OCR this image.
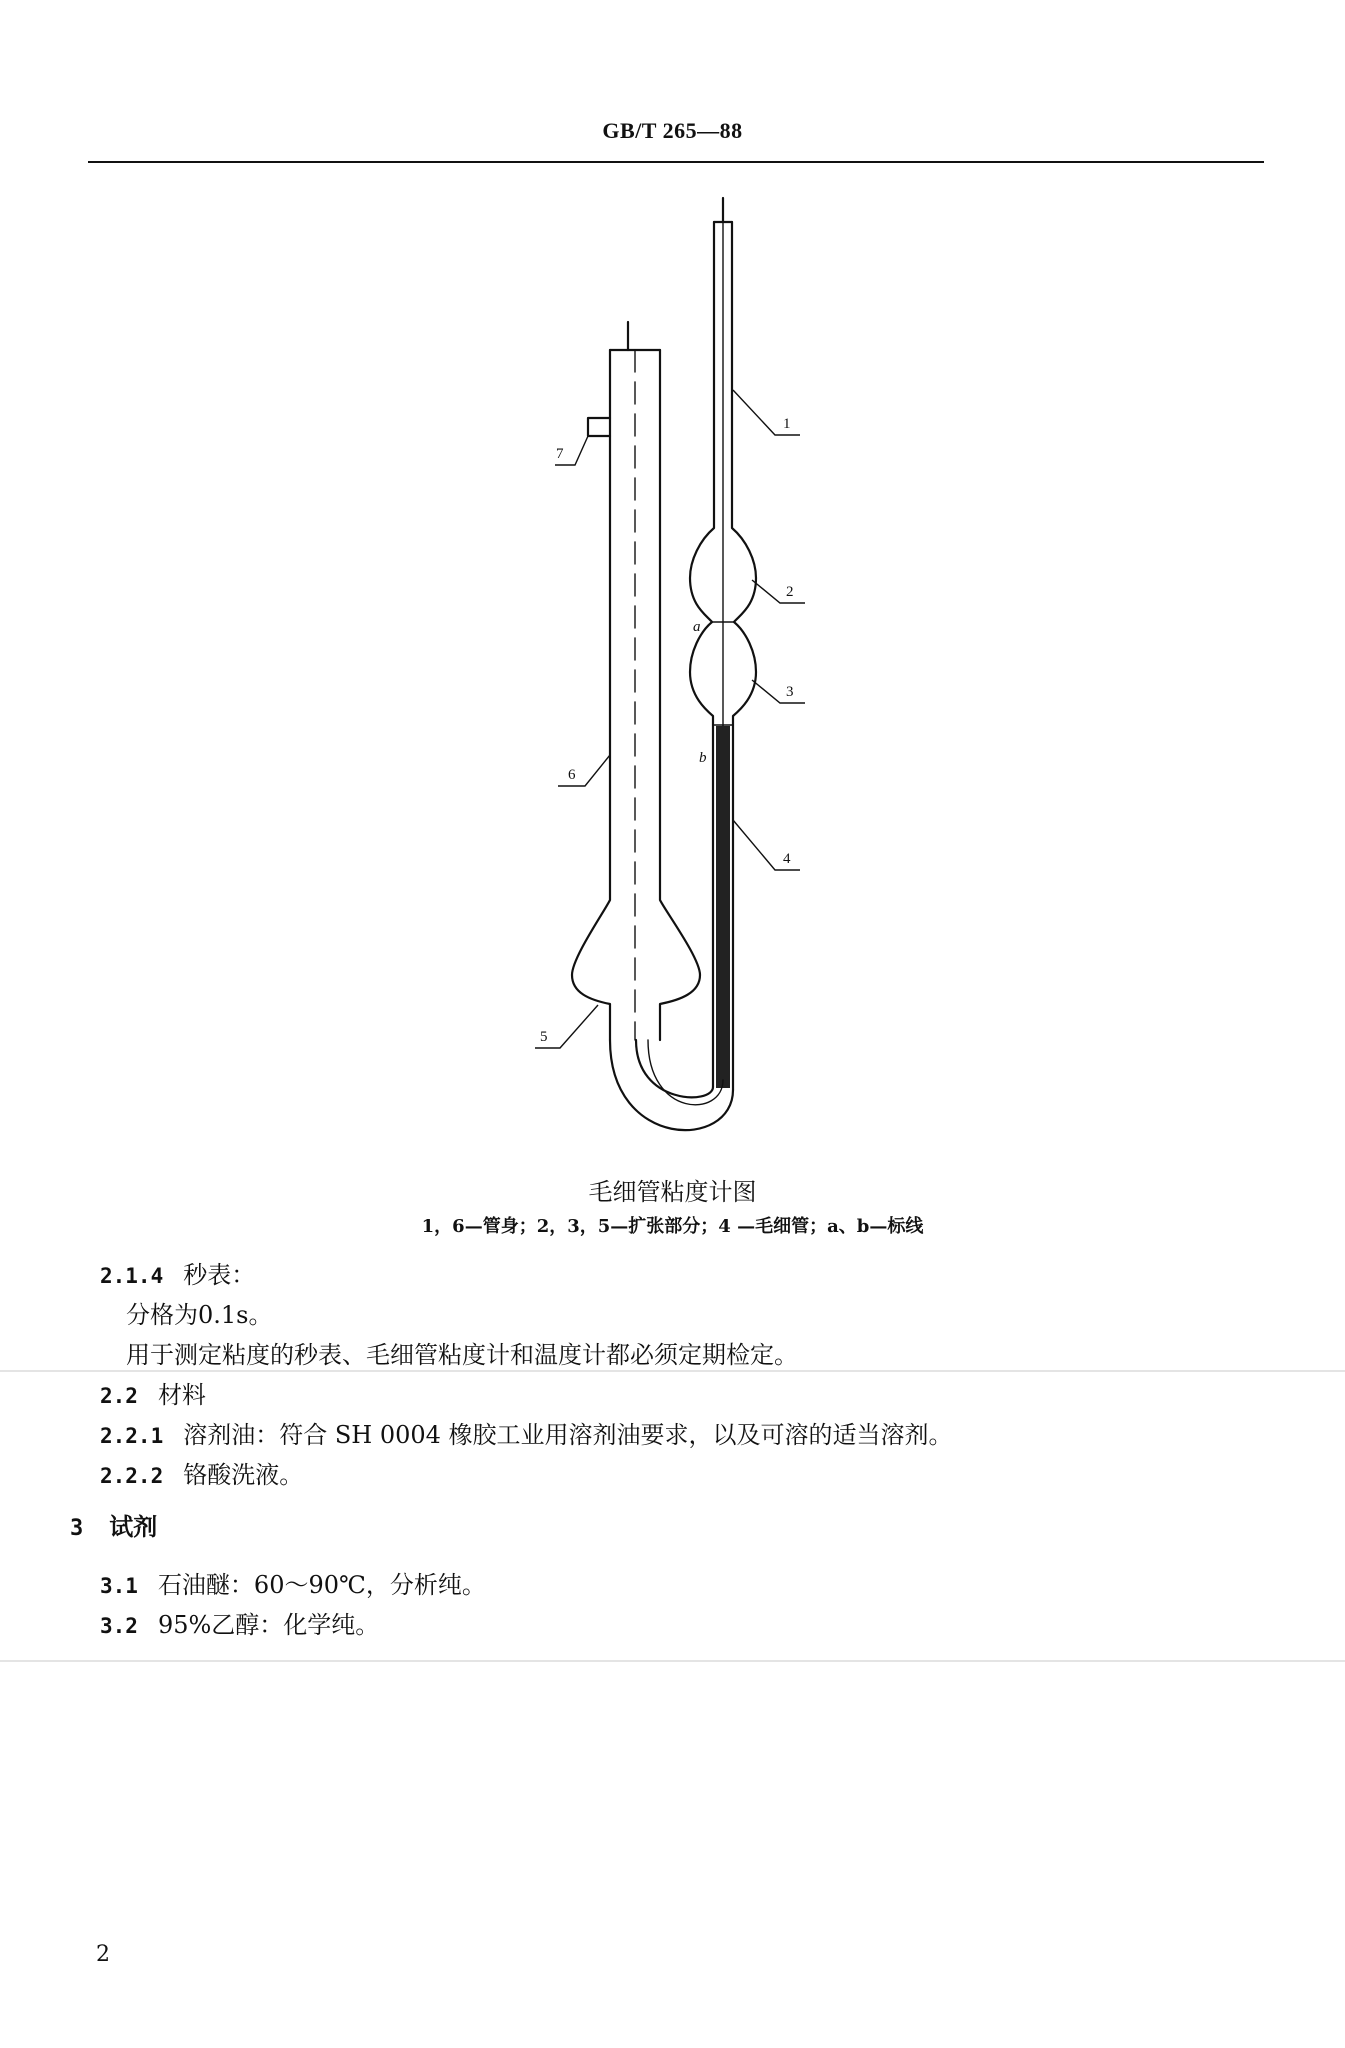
GB/T 265—88
1
2
3
4
5
6
7
a
b
毛细管粘度计图
1，6—管身；2，3，5—扩张部分；4 —毛细管；a、b—标线
2.1.4 秒表：
分格为0.1s。
用于测定粘度的秒表、毛细管粘度计和温度计都必须定期检定。
2.2 材料
2.2.1 溶剂油：符合 SH 0004 橡胶工业用溶剂油要求，以及可溶的适当溶剂。
2.2.2 铬酸洗液。
3 试剂
3.1 石油醚：60～90℃，分析纯。
3.2 95%乙醇：化学纯。
2
